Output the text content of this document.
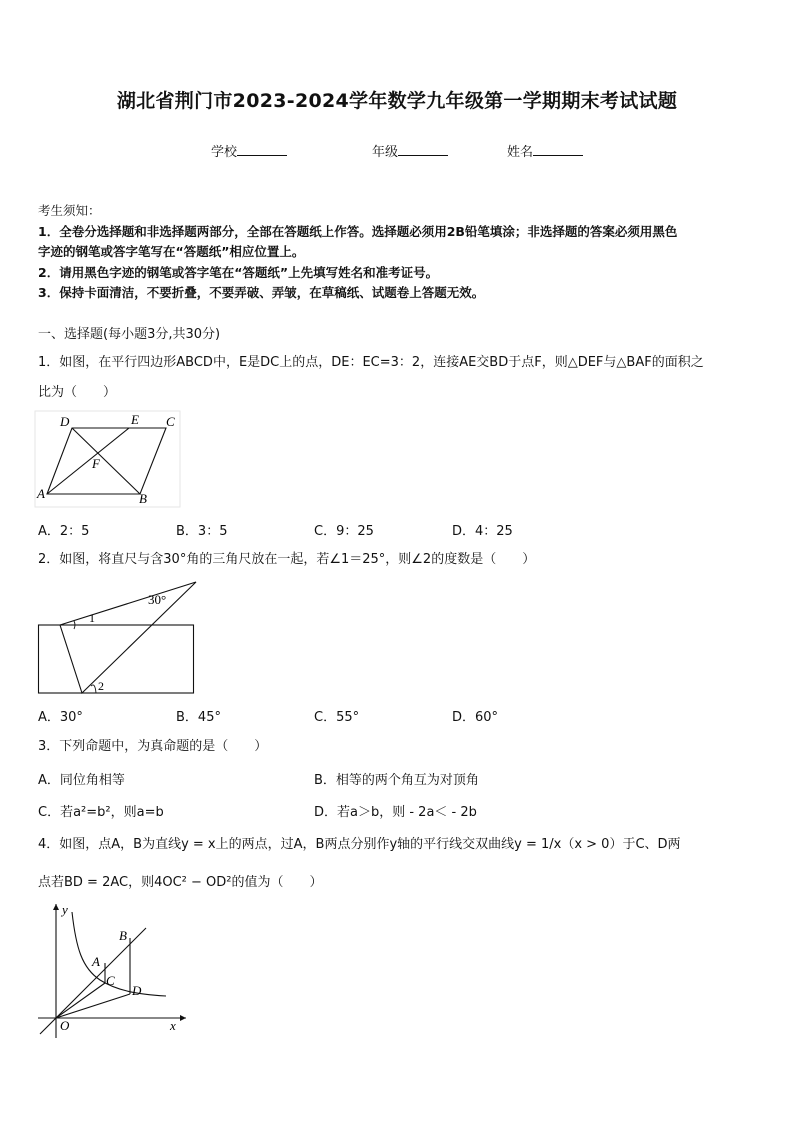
湖北省荆门市2023-2024学年数学九年级第一学期期末考试试题
学校	年级	姓名
考生须知：
1．全卷分选择题和非选择题两部分，全部在答题纸上作答。选择题必须用2B铅笔填涂；非选择题的答案必须用黑色
字迹的钢笔或答字笔写在“答题纸”相应位置上。
2．请用黑色字迹的钢笔或答字笔在“答题纸”上先填写姓名和准考证号。
3．保持卡面清洁，不要折叠，不要弄破、弄皱，在草稿纸、试题卷上答题无效。
一、选择题(每小题3分,共30分)
1．如图，在平行四边形ABCD中，E是DC上的点，DE：EC=3：2，连接AE交BD于点F，则△DEF与△BAF的面积之
比为（　　）
D	E C
F
A	B
A．2：5	B．3：5	C．9：25	D．4：25
2．如图，将直尺与含30°角的三角尺放在一起，若∠1＝25°，则∠2的度数是（　　）
30°
1
2
A．30°	B．45°	C．55°	D．60°
3．下列命题中，为真命题的是（　　）
A．同位角相等	B．相等的两个角互为对顶角
C．若a²=b²，则a=b	D．若a＞b，则 - 2a＜ - 2b
4．如图，点A，B为直线y = x上的两点，过A，B两点分别作y轴的平行线交双曲线y = 1/x（x > 0）于C、D两
点若BD = 2AC，则4OC² − OD²的值为（　　）
y
x
O
A
B
C
D
